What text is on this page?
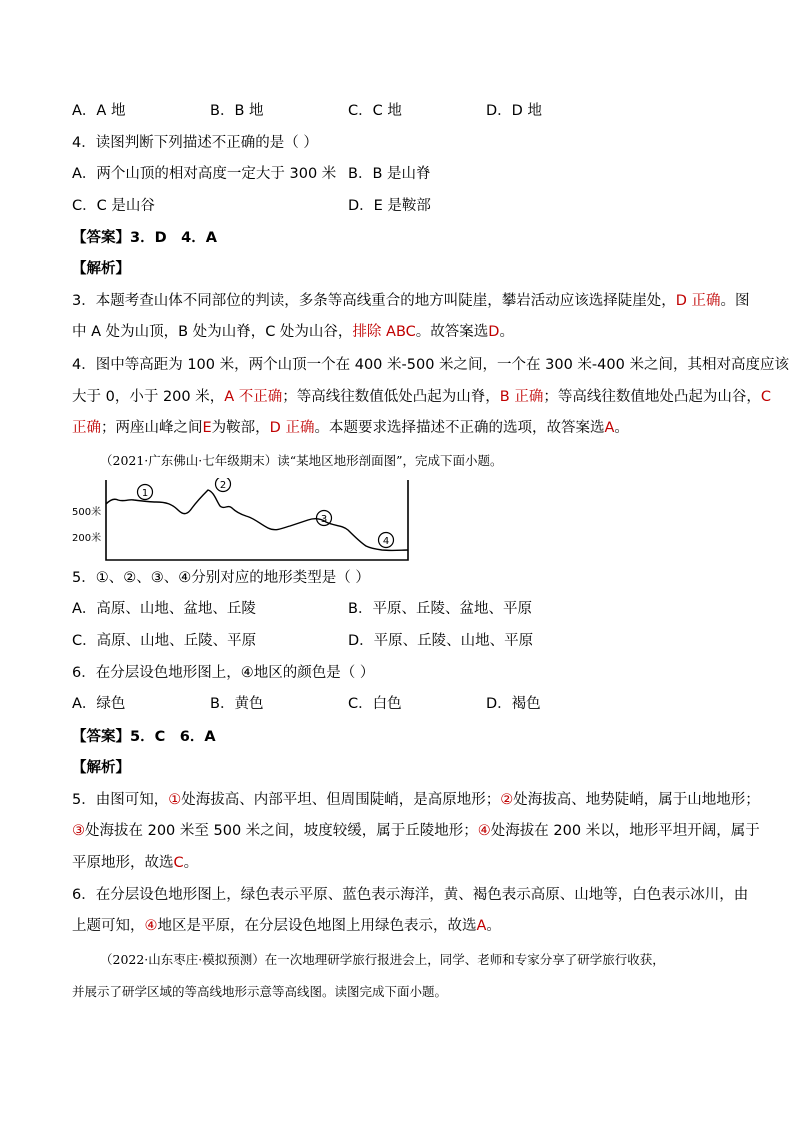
A．A 地	B．B 地	C．C 地	D．D 地
4．读图判断下列描述不正确的是（ ）
A．两个山顶的相对高度一定大于 300 米 B．B 是山脊
C．C 是山谷	D．E 是鞍部
【答案】3．D　4．A
【解析】
3．本题考查山体不同部位的判读，多条等高线重合的地方叫陡崖，攀岩活动应该选择陡崖处，D 正确。图
中 A 处为山顶，B 处为山脊，C 处为山谷，排除 ABC。故答案选D。
4．图中等高距为 100 米，两个山顶一个在 400 米-500 米之间，一个在 300 米-400 米之间，其相对高度应该
大于 0，小于 200 米，A 不正确；等高线往数值低处凸起为山脊，B 正确；等高线往数值地处凸起为山谷，C
正确；两座山峰之间E为鞍部，D 正确。本题要求选择描述不正确的选项，故答案选A。
（2021·广东佛山·七年级期末）读“某地区地形剖面图”，完成下面小题。
500米
200米
1
2
3
4
5．①、②、③、④分别对应的地形类型是（ ）
A．高原、山地、盆地、丘陵	B．平原、丘陵、盆地、平原
C．高原、山地、丘陵、平原	D．平原、丘陵、山地、平原
6．在分层设色地形图上，④地区的颜色是（ ）
A．绿色	B．黄色	C．白色	D．褐色
【答案】5．C　6．A
【解析】
5．由图可知，①处海拔高、内部平坦、但周围陡峭，是高原地形；②处海拔高、地势陡峭，属于山地地形；
③处海拔在 200 米至 500 米之间，坡度较缓，属于丘陵地形；④处海拔在 200 米以，地形平坦开阔，属于
平原地形，故选C。
6．在分层设色地形图上，绿色表示平原、蓝色表示海洋，黄、褐色表示高原、山地等，白色表示冰川，由
上题可知，④地区是平原，在分层设色地图上用绿色表示，故选A。
（2022·山东枣庄·模拟预测）在一次地理研学旅行报进会上，同学、老师和专家分享了研学旅行收获，
并展示了研学区域的等高线地形示意等高线图。读图完成下面小题。
